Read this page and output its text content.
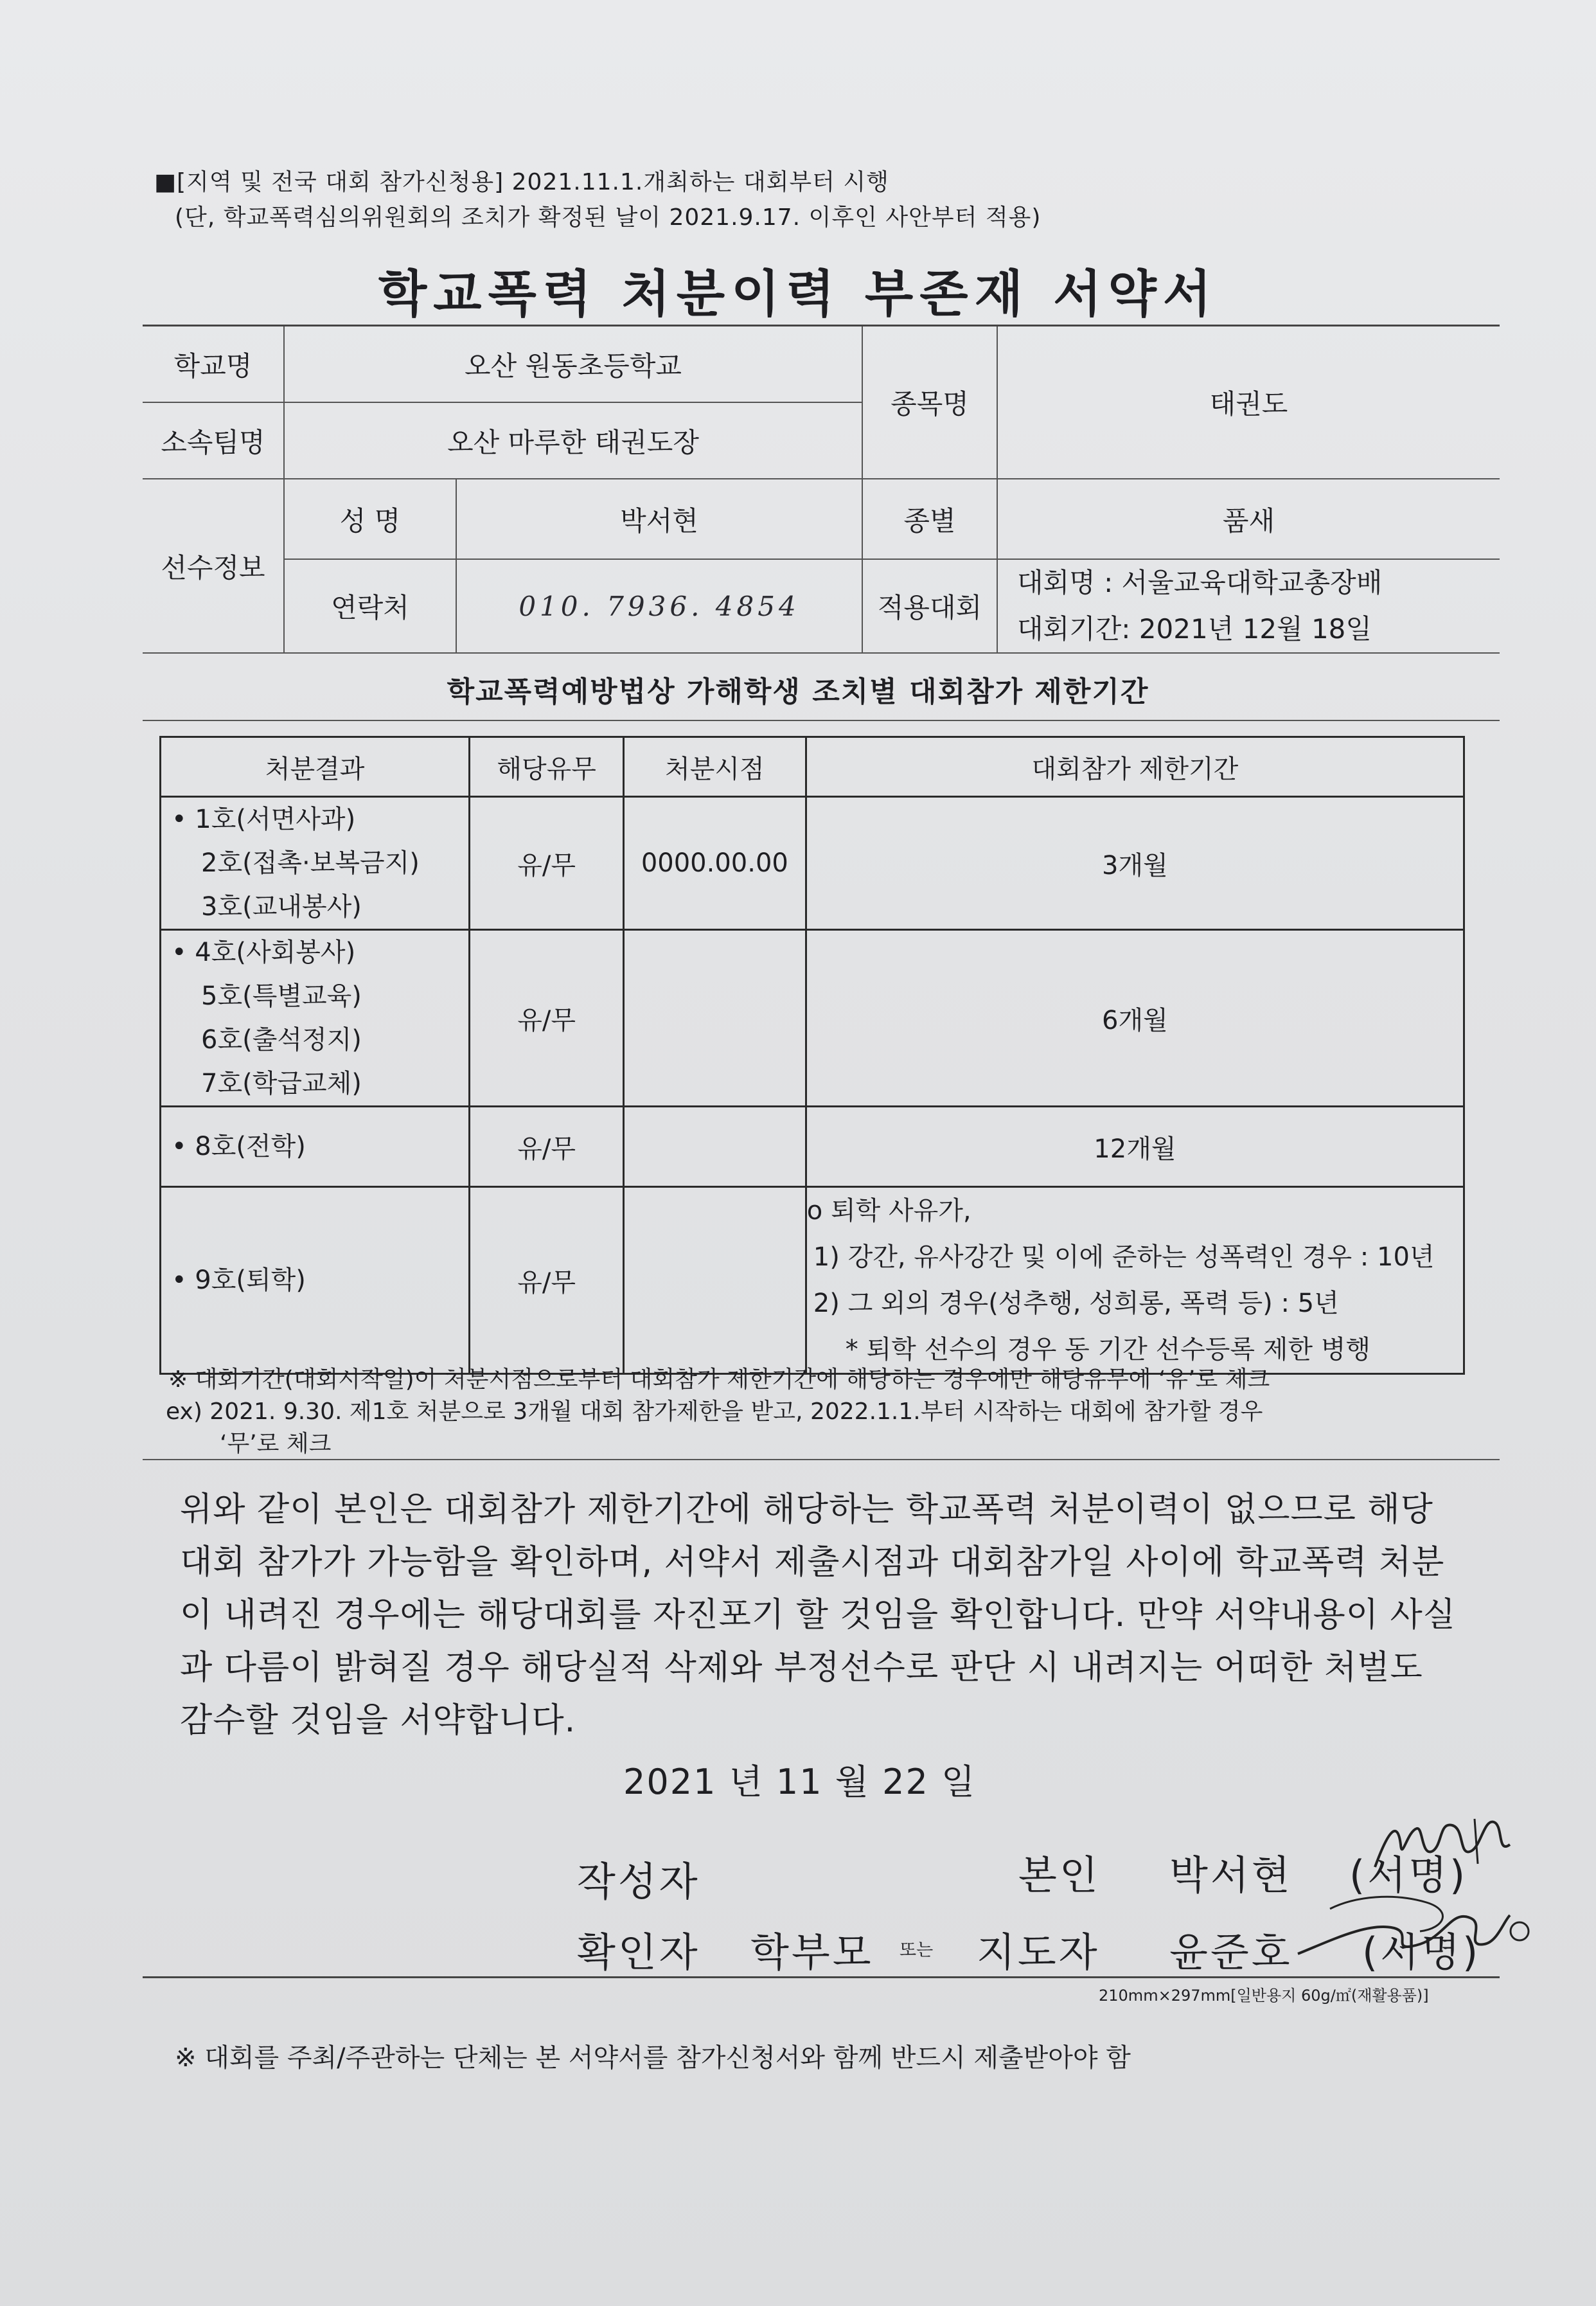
■[지역 및 전국 대회 참가신청용] 2021.11.1.개최하는 대회부터 시행
(단, 학교폭력심의위원회의 조치가 확정된 날이 2021.9.17. 이후인 사안부터 적용)
학교폭력 처분이력 부존재 서약서
학교명	오산 원동초등학교		종목명	태권도
소속팀명	오산 마루한 태권도장			
선수정보	성 명	박서현	종별	품새
	연락처	010. 7936. 4854	적용대회	대회명 : 서울교육대학교총장배
대회기간: 2021년 12월 18일
학교폭력예방법상 가해학생 조치별 대회참가 제한기간
처분결과	해당유무	처분시점	대회참가 제한기간

• 1호(서면사과)
2호(접촉·보복금지)
3호(교내봉사)	유/무	0000.00.00	3개월

• 4호(사회봉사)
5호(특별교육)
6호(출석정지)
7호(학급교체)	유/무		6개월

• 8호(전학)	유/무		12개월

• 9호(퇴학)	유/무		o 퇴학 사유가,
1) 강간, 유사강간 및 이에 준하는 성폭력인 경우 : 10년
2) 그 외의 경우(성추행, 성희롱, 폭력 등) : 5년
* 퇴학 선수의 경우 동 기간 선수등록 제한 병행
※ 대회기간(대회시작일)이 처분시점으로부터 대회참가 제한기간에 해당하는 경우에만 해당유무에 ‘유’로 체크
ex) 2021. 9.30. 제1호 처분으로 3개월 대회 참가제한을 받고, 2022.1.1.부터 시작하는 대회에 참가할 경우
‘무’로 체크
위와 같이 본인은 대회참가 제한기간에 해당하는 학교폭력 처분이력이 없으므로 해당 대회 참가가 가능함을 확인하며, 서약서 제출시점과 대회참가일 사이에 학교폭력 처분이 내려진 경우에는 해당대회를 자진포기 할 것임을 확인합니다. 만약 서약내용이 사실과 다름이 밝혀질 경우 해당실적 삭제와 부정선수로 판단 시 내려지는 어떠한 처벌도 감수할 것임을 서약합니다.
2021 년 11 월 22 일
작성자	본인 박서현 (서명)
확인자 학부모 또는 지도자 윤준호 (서명)
210mm×297mm[일반용지 60g/㎡(재활용품)]
※ 대회를 주최/주관하는 단체는 본 서약서를 참가신청서와 함께 반드시 제출받아야 함
